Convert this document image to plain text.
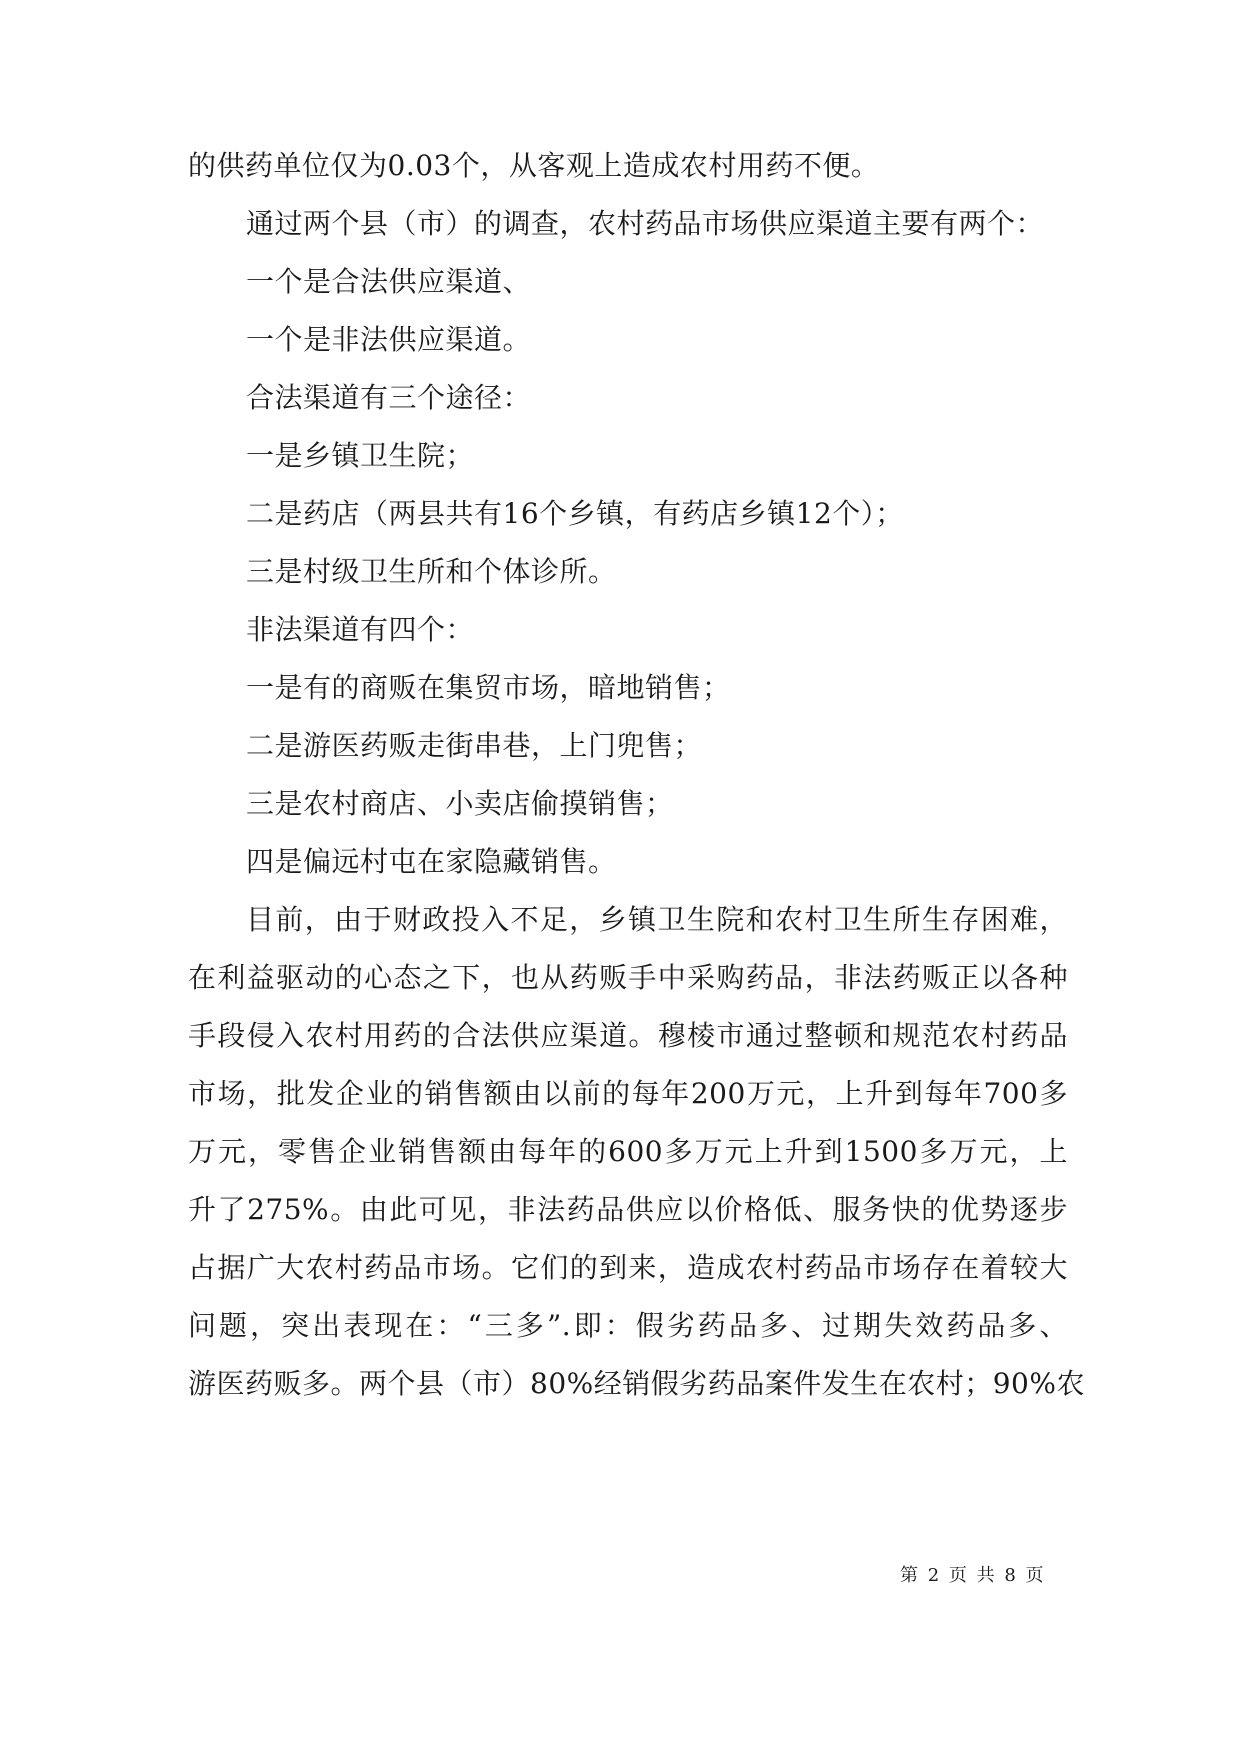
的供药单位仅为0.03个，从客观上造成农村用药不便。
通过两个县（市）的调查，农村药品市场供应渠道主要有两个：
一个是合法供应渠道、
一个是非法供应渠道。
合法渠道有三个途径：
一是乡镇卫生院；
二是药店（两县共有16个乡镇，有药店乡镇12个）；
三是村级卫生所和个体诊所。
非法渠道有四个：
一是有的商贩在集贸市场，暗地销售；
二是游医药贩走街串巷，上门兜售；
三是农村商店、小卖店偷摸销售；
四是偏远村屯在家隐藏销售。
目前，由于财政投入不足，乡镇卫生院和农村卫生所生存困难，
在利益驱动的心态之下，也从药贩手中采购药品，非法药贩正以各种
手段侵入农村用药的合法供应渠道。穆棱市通过整顿和规范农村药品
市场，批发企业的销售额由以前的每年200万元，上升到每年700多
万元，零售企业销售额由每年的600多万元上升到1500多万元，上
升了275%。由此可见，非法药品供应以价格低、服务快的优势逐步
占据广大农村药品市场。它们的到来，造成农村药品市场存在着较大
问题，突出表现在：“三多”.即：假劣药品多、过期失效药品多、
游医药贩多。两个县（市）80%经销假劣药品案件发生在农村；90%农
第 2 页 共 8 页
